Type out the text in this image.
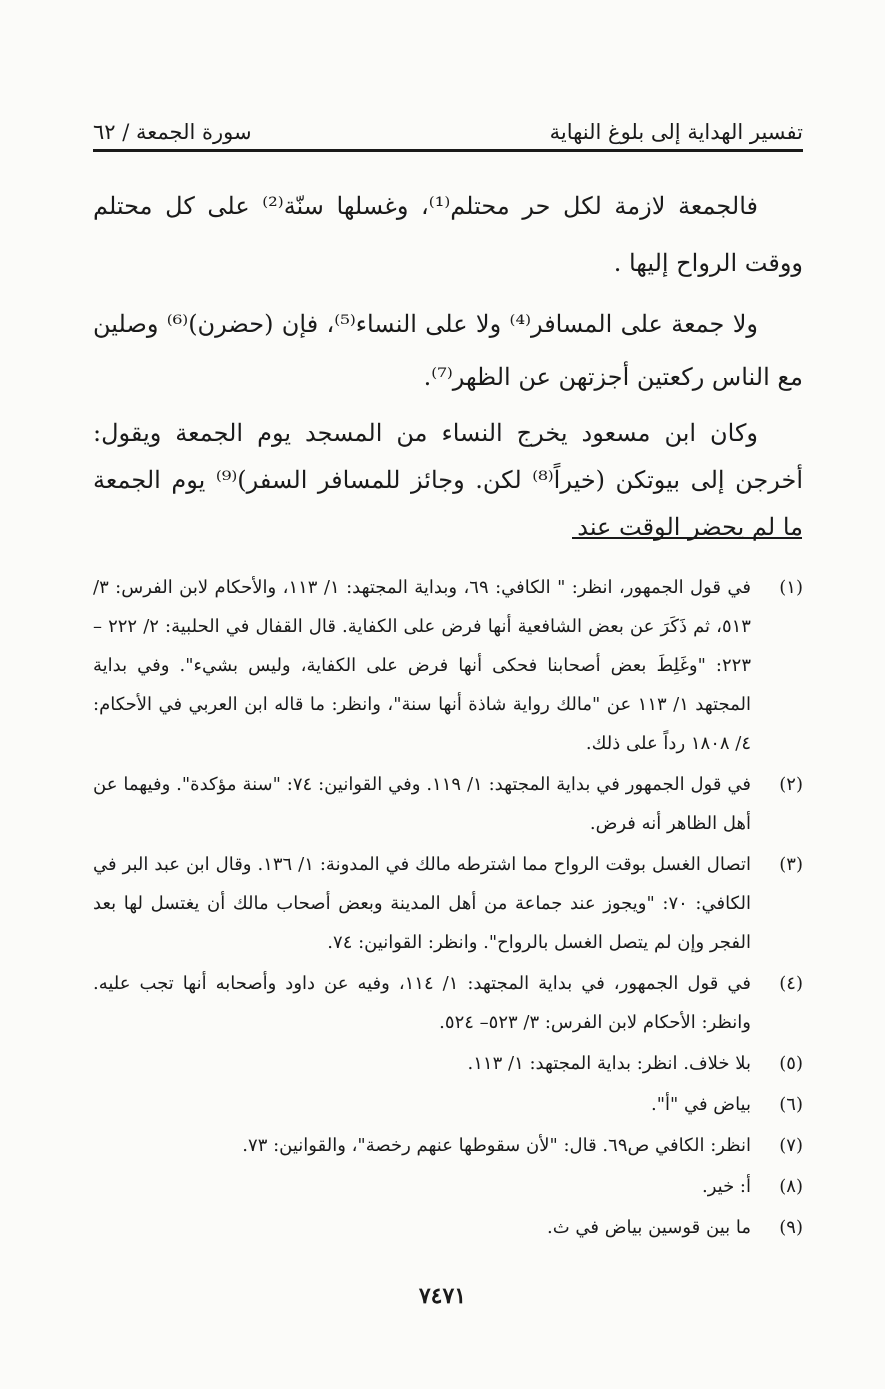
تفسير الهداية إلى بلوغ النهاية
سورة الجمعة / ٦٢

فالجمعة لازمة لكل حر محتلم⁽¹⁾، وغسلها سنّة⁽²⁾ على كل محتلم ووقت الرواح إليها .

ولا جمعة على المسافر⁽⁴⁾ ولا على النساء⁽⁵⁾، فإن (حضرن)⁽⁶⁾ وصلين مع الناس ركعتين أجزتهن عن الظهر⁽⁷⁾.

وكان ابن مسعود يخرج النساء من المسجد يوم الجمعة ويقول: أخرجن إلى بيوتكن (خيراً⁽⁸⁾ لكن. وجائز للمسافر السفر)⁽⁹⁾ يوم الجمعة ما لم يحضر الوقت عند

(١)
في قول الجمهور، انظر: " الكافي: ٦٩، وبداية المجتهد: ١/ ١١٣، والأحكام لابن الفرس: ٣/ ٥١٣، ثم ذَكَرَ عن بعض الشافعية أنها فرض على الكفاية. قال القفال في الحلبية: ٢/ ٢٢٢ – ٢٢٣: "وغَلِطَ بعض أصحابنا فحكى أنها فرض على الكفاية، وليس بشيء". وفي بداية المجتهد ١/ ١١٣ عن "مالك رواية شاذة أنها سنة"، وانظر: ما قاله ابن العربي في الأحكام: ٤/ ١٨٠٨ رداً على ذلك.
(٢)
في قول الجمهور في بداية المجتهد: ١/ ١١٩. وفي القوانين: ٧٤: "سنة مؤكدة". وفيهما عن أهل الظاهر أنه فرض.
(٣)
اتصال الغسل بوقت الرواح مما اشترطه مالك في المدونة: ١/ ١٣٦. وقال ابن عبد البر في الكافي: ٧٠: "ويجوز عند جماعة من أهل المدينة وبعض أصحاب مالك أن يغتسل لها بعد الفجر وإن لم يتصل الغسل بالرواح". وانظر: القوانين: ٧٤.
(٤)
في قول الجمهور، في بداية المجتهد: ١/ ١١٤، وفيه عن داود وأصحابه أنها تجب عليه. وانظر: الأحكام لابن الفرس: ٣/ ٥٢٣– ٥٢٤.
(٥)
بلا خلاف. انظر: بداية المجتهد: ١/ ١١٣.
(٦)
بياض في "أ".
(٧)
انظر: الكافي ص٦٩. قال: "لأن سقوطها عنهم رخصة"، والقوانين: ٧٣.
(٨)
أ: خير.
(٩)
ما بين قوسين بياض في ث.
٧٤٧١
